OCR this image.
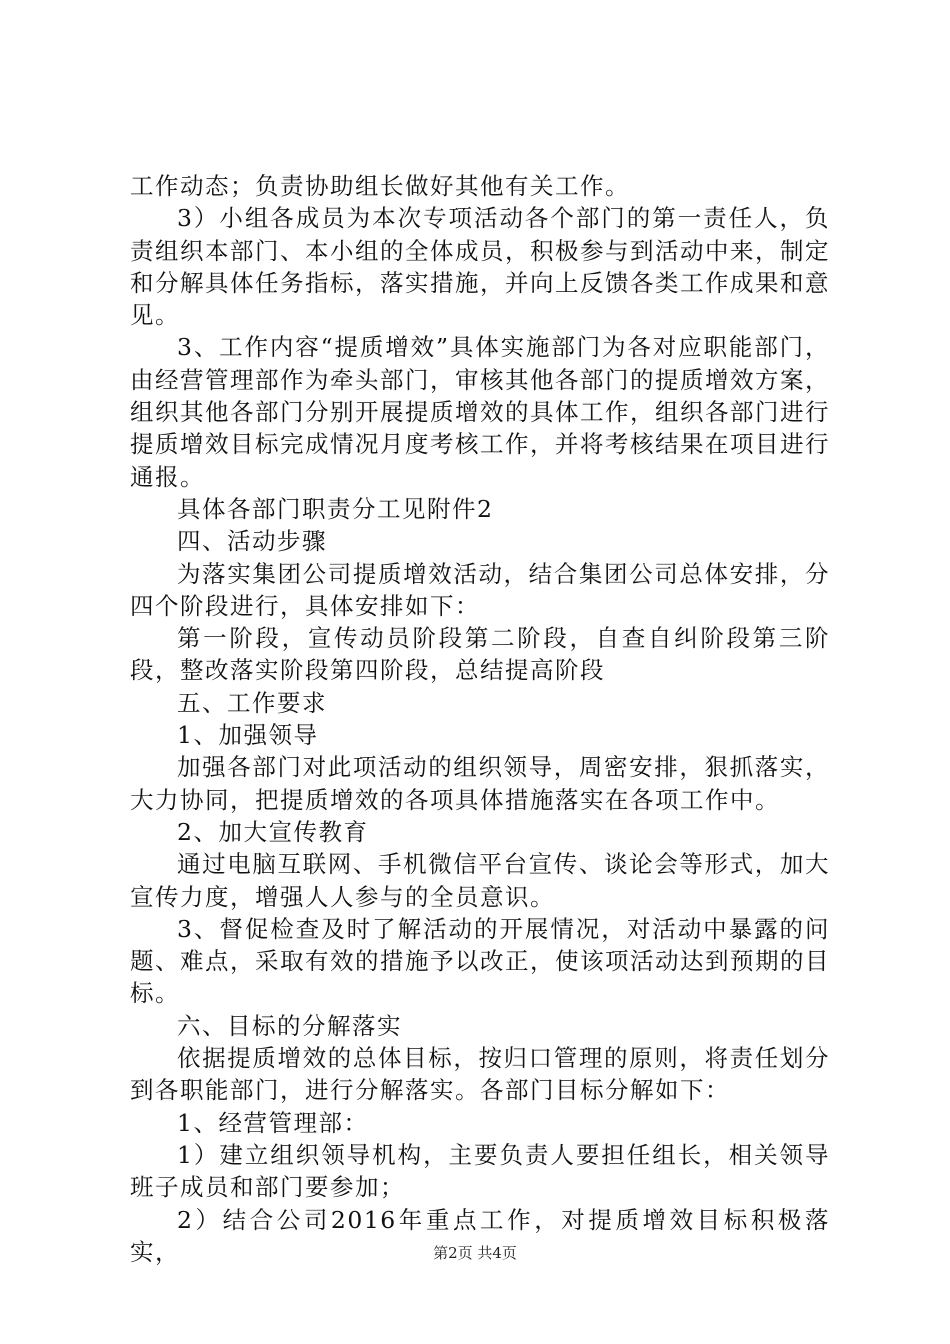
工作动态；负责协助组长做好其他有关工作。

3）小组各成员为本次专项活动各个部门的第一责任人，负责组织本部门、本小组的全体成员，积极参与到活动中来，制定和分解具体任务指标，落实措施，并向上反馈各类工作成果和意见。

3、工作内容“提质增效”具体实施部门为各对应职能部门，由经营管理部作为牵头部门，审核其他各部门的提质增效方案，组织其他各部门分别开展提质增效的具体工作，组织各部门进行提质增效目标完成情况月度考核工作，并将考核结果在项目进行通报。

具体各部门职责分工见附件2

四、活动步骤

为落实集团公司提质增效活动，结合集团公司总体安排，分四个阶段进行，具体安排如下：

第一阶段，宣传动员阶段第二阶段，自查自纠阶段第三阶段，整改落实阶段第四阶段，总结提高阶段

五、工作要求

1、加强领导

加强各部门对此项活动的组织领导，周密安排，狠抓落实，大力协同，把提质增效的各项具体措施落实在各项工作中。

2、加大宣传教育

通过电脑互联网、手机微信平台宣传、谈论会等形式，加大宣传力度，增强人人参与的全员意识。

3、督促检查及时了解活动的开展情况，对活动中暴露的问题、难点，采取有效的措施予以改正，使该项活动达到预期的目标。

六、目标的分解落实

依据提质增效的总体目标，按归口管理的原则，将责任划分到各职能部门，进行分解落实。各部门目标分解如下：

1、经营管理部：

1）建立组织领导机构，主要负责人要担任组长，相关领导班子成员和部门要参加；

2）结合公司2016年重点工作，对提质增效目标积极落实，	第2页 共4页
